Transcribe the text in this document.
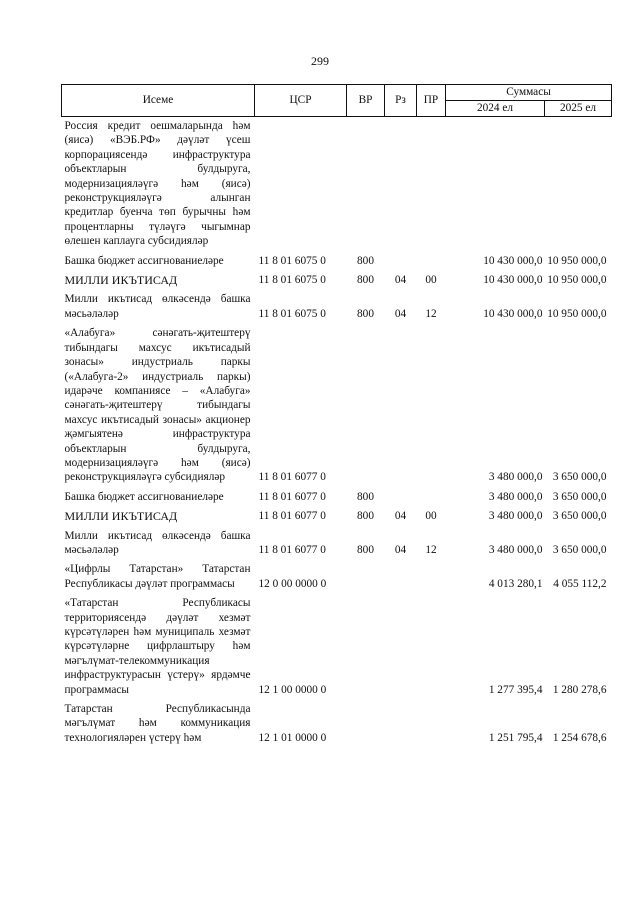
299
Исеме	ЦСР	ВР	Рз	ПР	Суммасы	
					2024 ел	2025 ел
Россия кредит оешмаларында һәм (яисә) «ВЭБ.РФ» дәүләт үсеш корпорациясендә инфраструктура объектларын булдыруга, модернизацияләүгә һәм (яисә) реконструкцияләүгә алынган кредитлар буенча төп бурычны һәм процентларны түләүгә чыгымнар өлешен каплауга субсидияләр						
Башка бюджет ассигнованиеләре	11 8 01 6075 0	800			10 430 000,0	10 950 000,0
МИЛЛИ ИКЪТИСАД	11 8 01 6075 0	800	04	00	10 430 000,0	10 950 000,0
Милли икътисад өлкәсендә башка мәсьәләләр	11 8 01 6075 0	800	04	12	10 430 000,0	10 950 000,0
«Алабуга» сәнәгать-җитештерү тибындагы махсус икътисадый зонасы» индустриаль паркы («Алабуга-2» индустриаль паркы) идарәче компаниясе – «Алабуга» сәнәгать-җитештерү тибындагы махсус икътисадый зонасы» акционер җәмгыятенә инфраструктура объектларын булдыруга, модернизацияләүгә һәм (яисә) реконструкцияләүгә субсидияләр	11 8 01 6077 0				3 480 000,0	3 650 000,0
Башка бюджет ассигнованиеләре	11 8 01 6077 0	800			3 480 000,0	3 650 000,0
МИЛЛИ ИКЪТИСАД	11 8 01 6077 0	800	04	00	3 480 000,0	3 650 000,0
Милли икътисад өлкәсендә башка мәсьәләләр	11 8 01 6077 0	800	04	12	3 480 000,0	3 650 000,0
«Цифрлы Татарстан» Татарстан Республикасы дәүләт программасы	12 0 00 0000 0				4 013 280,1	4 055 112,2
«Татарстан Республикасы территориясендә дәүләт хезмәт күрсәтүләрен һәм муниципаль хезмәт күрсәтүләрне цифрлаштыру һәм мәгълүмат-телекоммуникация инфраструктурасын үстерү» ярдәмче программасы	12 1 00 0000 0				1 277 395,4	1 280 278,6
Татарстан Республикасында мәгълүмат һәм коммуникация технологияләрен үстерү һәм	12 1 01 0000 0				1 251 795,4	1 254 678,6
